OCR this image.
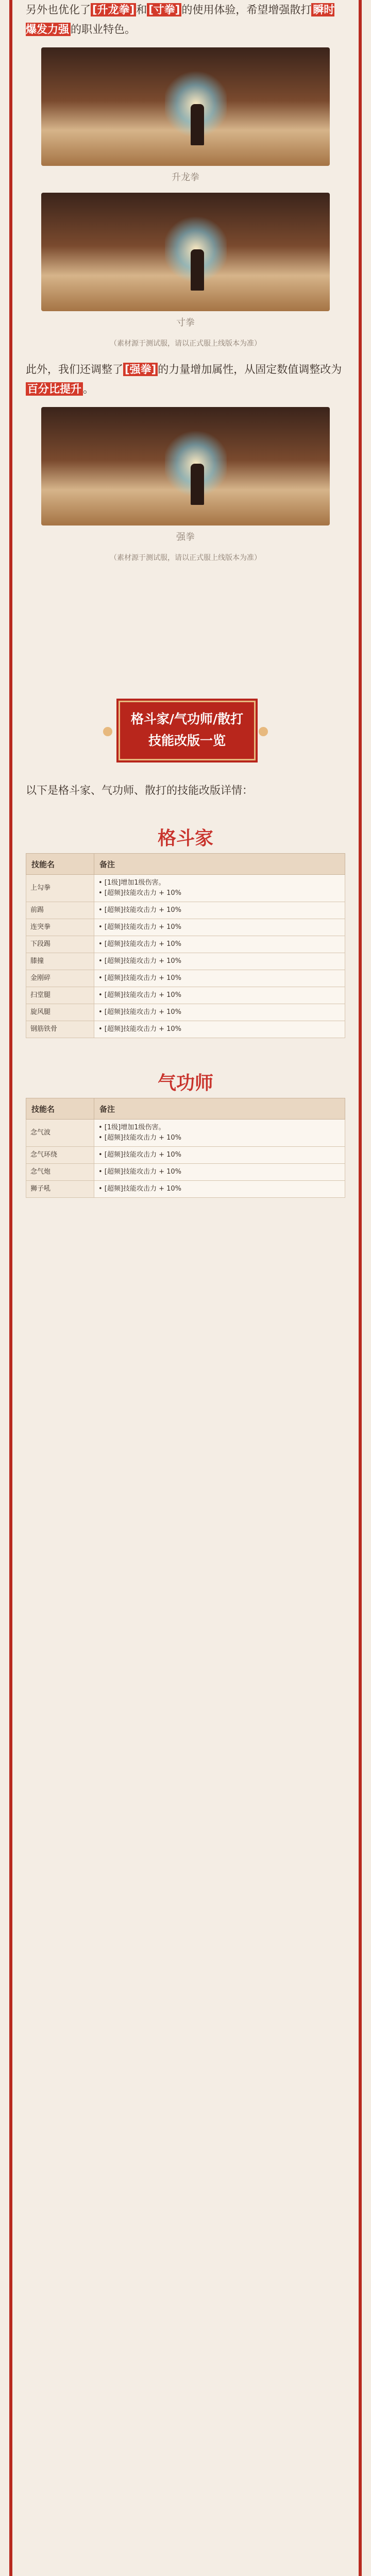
另外也优化了 [升龙拳] 和 [寸拳] 的使用体验，希望增强散打 瞬时爆发力强 的职业特色。

升龙拳
寸拳
（素材源于测试服，请以正式服上线版本为准）

此外，我们还调整了 [强拳] 的力量增加属性，从固定数值调整改为百分比提升 。

强拳
（素材源于测试服，请以正式服上线版本为准）
格斗家/气功师/散打
技能改版一览

以下是格斗家、气功师、散打的技能改版详情：

格斗家
技能名	备注
上勾拳	• [1级]增加1级伤害。
• [超频]技能攻击力 + 10%

前踢	• [超频]技能攻击力 + 10%

连突拳	• [超频]技能攻击力 + 10%

下段踢	• [超频]技能攻击力 + 10%

膝撞	• [超频]技能攻击力 + 10%

金刚碎	• [超频]技能攻击力 + 10%

扫堂腿	• [超频]技能攻击力 + 10%

旋风腿	• [超频]技能攻击力 + 10%

钢筋铁骨	• [超频]技能攻击力 + 10%
气功师
技能名	备注
念气波	• [1级]增加1级伤害。
• [超频]技能攻击力 + 10%

念气环绕	• [超频]技能攻击力 + 10%

念气炮	• [超频]技能攻击力 + 10%

狮子吼	• [超频]技能攻击力 + 10%
